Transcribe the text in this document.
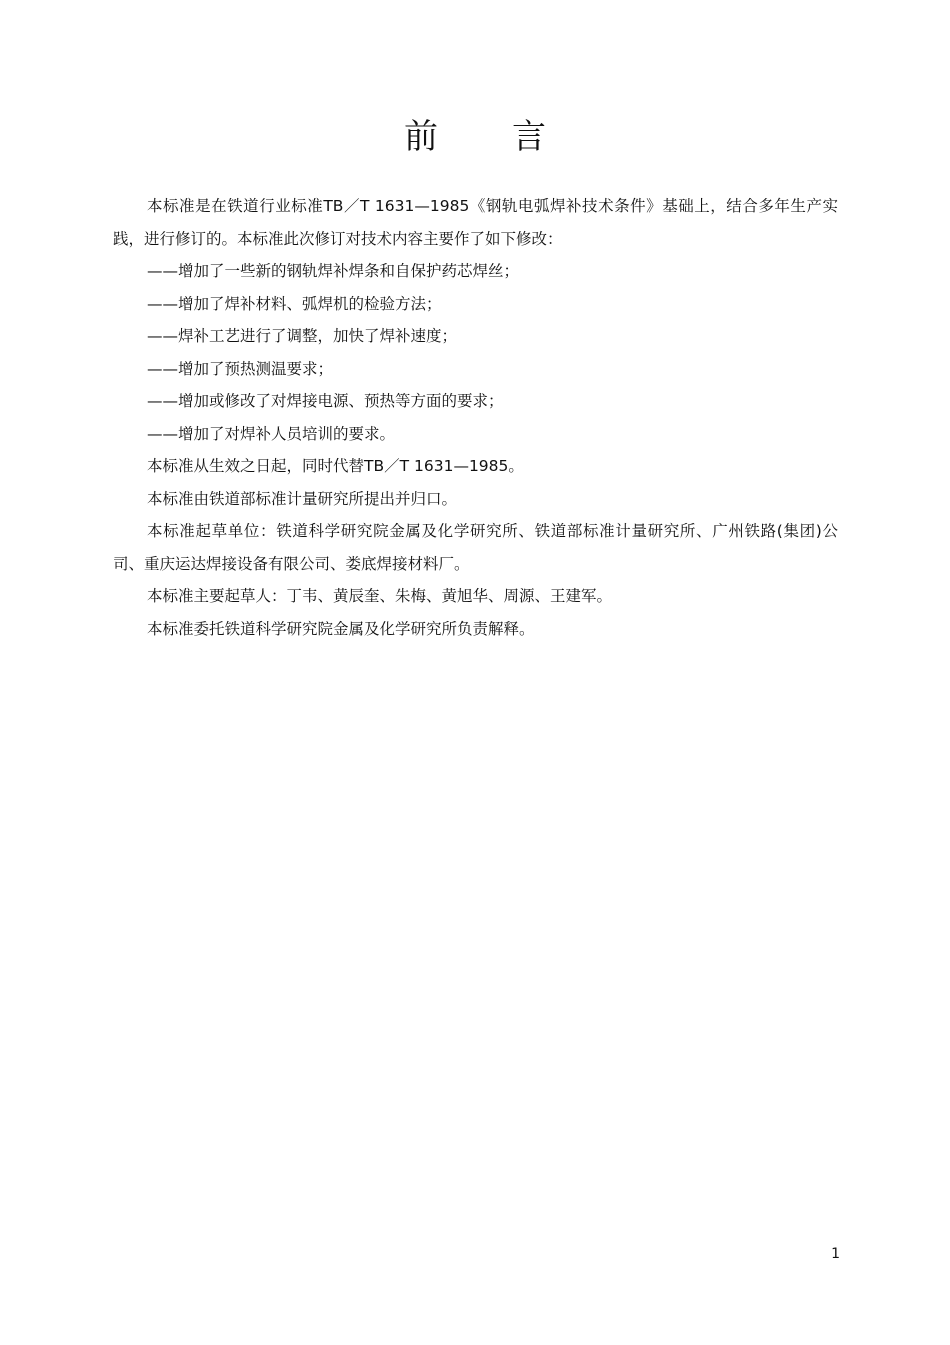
前言

本标准是在铁道行业标准TB／T 1631—1985《钢轨电弧焊补技术条件》基础上，结合多年生产实践，进行修订的。本标准此次修订对技术内容主要作了如下修改：

——增加了一些新的钢轨焊补焊条和自保护药芯焊丝；

——增加了焊补材料、弧焊机的检验方法；

——焊补工艺进行了调整，加快了焊补速度；

——增加了预热测温要求；

——增加或修改了对焊接电源、预热等方面的要求；

——增加了对焊补人员培训的要求。

本标准从生效之日起，同时代替TB／T 1631—1985。

本标准由铁道部标准计量研究所提出并归口。

本标准起草单位：铁道科学研究院金属及化学研究所、铁道部标准计量研究所、广州铁路(集团)公司、重庆运达焊接设备有限公司、娄底焊接材料厂。

本标准主要起草人：丁韦、黄辰奎、朱梅、黄旭华、周源、王建军。

本标准委托铁道科学研究院金属及化学研究所负责解释。

1
